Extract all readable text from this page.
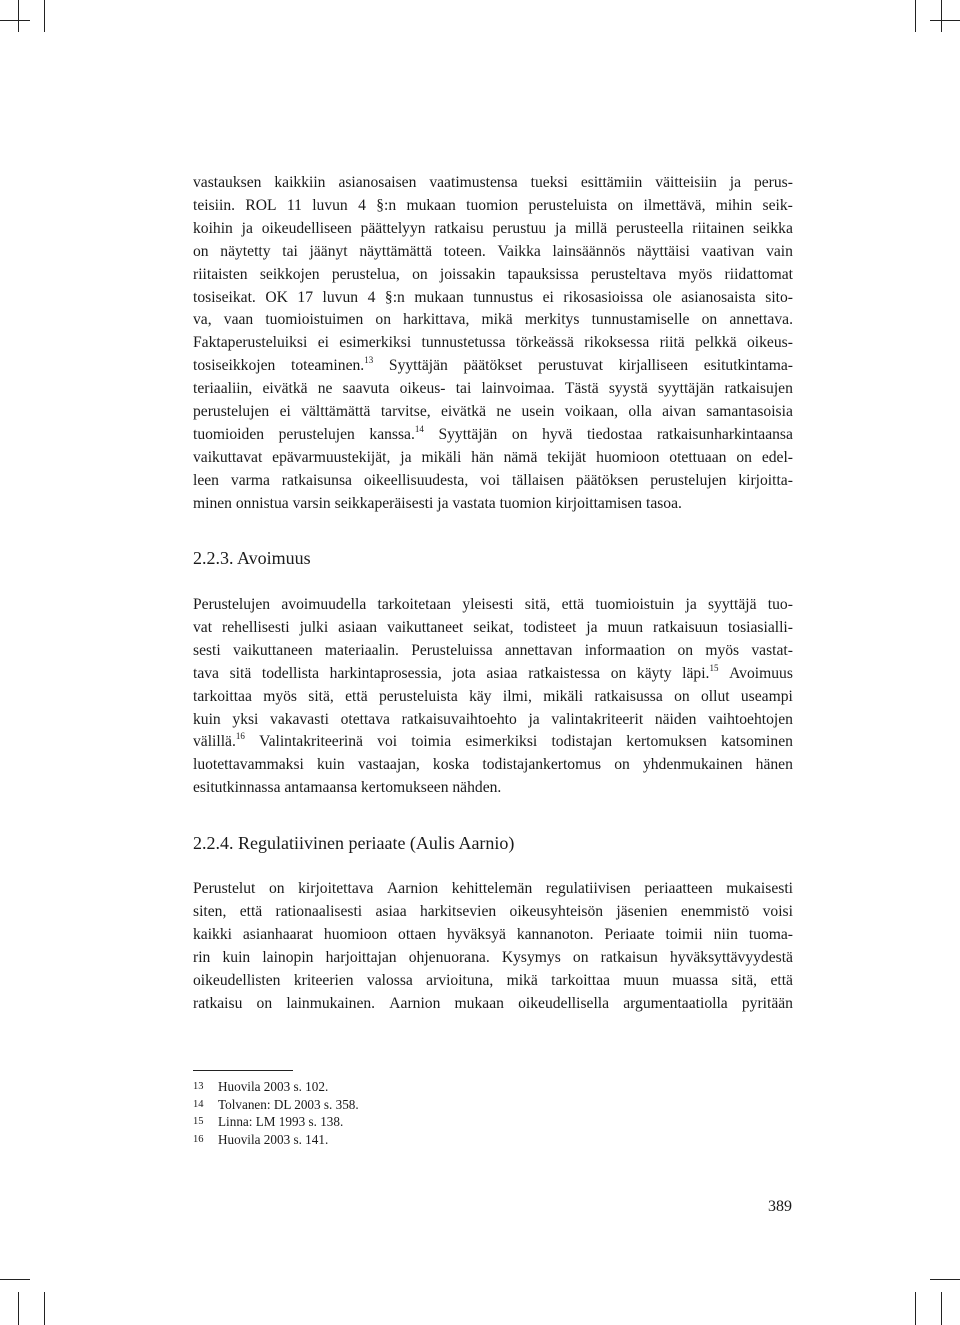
vastauksen kaikkiin asianosaisen vaatimustensa tueksi esittämiin väitteisiin ja perus-
teisiin. ROL 11 luvun 4 §:n mukaan tuomion perusteluista on ilmettävä, mihin seik-
koihin ja oikeudelliseen päättelyyn ratkaisu perustuu ja millä perusteella riitainen seikka
on näytetty tai jäänyt näyttämättä toteen. Vaikka lainsäännös näyttäisi vaativan vain
riitaisten seikkojen perustelua, on joissakin tapauksissa perusteltava myös riidattomat
tosiseikat. OK 17 luvun 4 §:n mukaan tunnustus ei rikosasioissa ole asianosaista sito-
va, vaan tuomioistuimen on harkittava, mikä merkitys tunnustamiselle on annettava.
Faktaperusteluiksi ei esimerkiksi tunnustetussa törkeässä rikoksessa riitä pelkkä oikeus-
tosiseikkojen toteaminen.$^{13}$ Syyttäjän päätökset perustuvat kirjalliseen esitutkintama-
teriaaliin, eivätkä ne saavuta oikeus- tai lainvoimaa. Tästä syystä syyttäjän ratkaisujen
perustelujen ei välttämättä tarvitse, eivätkä ne usein voikaan, olla aivan samantasoisia
tuomioiden perustelujen kanssa.$^{14}$ Syyttäjän on hyvä tiedostaa ratkaisunharkintaansa
vaikuttavat epävarmuustekijät, ja mikäli hän nämä tekijät huomioon otettuaan on edel-
leen varma ratkaisunsa oikeellisuudesta, voi tällaisen päätöksen perustelujen kirjoitta-
minen onnistua varsin seikkaperäisesti ja vastata tuomion kirjoittamisen tasoa.
2.2.3. Avoimuus
Perustelujen avoimuudella tarkoitetaan yleisesti sitä, että tuomioistuin ja syyttäjä tuo-
vat rehellisesti julki asiaan vaikuttaneet seikat, todisteet ja muun ratkaisuun tosiasialli-
sesti vaikuttaneen materiaalin. Perusteluissa annettavan informaation on myös vastat-
tava sitä todellista harkintaprosessia, jota asiaa ratkaistessa on käyty läpi.$^{15}$ Avoimuus
tarkoittaa myös sitä, että perusteluista käy ilmi, mikäli ratkaisussa on ollut useampi
kuin yksi vakavasti otettava ratkaisuvaihtoehto ja valintakriteerit näiden vaihtoehtojen
välillä.$^{16}$ Valintakriteerinä voi toimia esimerkiksi todistajan kertomuksen katsominen
luotettavammaksi kuin vastaajan, koska todistajankertomus on yhdenmukainen hänen
esitutkinnassa antamaansa kertomukseen nähden.
2.2.4. Regulatiivinen periaate (Aulis Aarnio)
Perustelut on kirjoitettava Aarnion kehittelemän regulatiivisen periaatteen mukaisesti
siten, että rationaalisesti asiaa harkitsevien oikeusyhteisön jäsenien enemmistö voisi
kaikki asianhaarat huomioon ottaen hyväksyä kannanoton. Periaate toimii niin tuoma-
rin kuin lainopin harjoittajan ohjenuorana. Kysymys on ratkaisun hyväksyttävyydestä
oikeudellisten kriteerien valossa arvioituna, mikä tarkoittaa muun muassa sitä, että
ratkaisu on lainmukainen. Aarnion mukaan oikeudellisella argumentaatiolla pyritään
13 Huovila 2003 s. 102.
14 Tolvanen: DL 2003 s. 358.
15 Linna: LM 1993 s. 138.
16 Huovila 2003 s. 141.
389
